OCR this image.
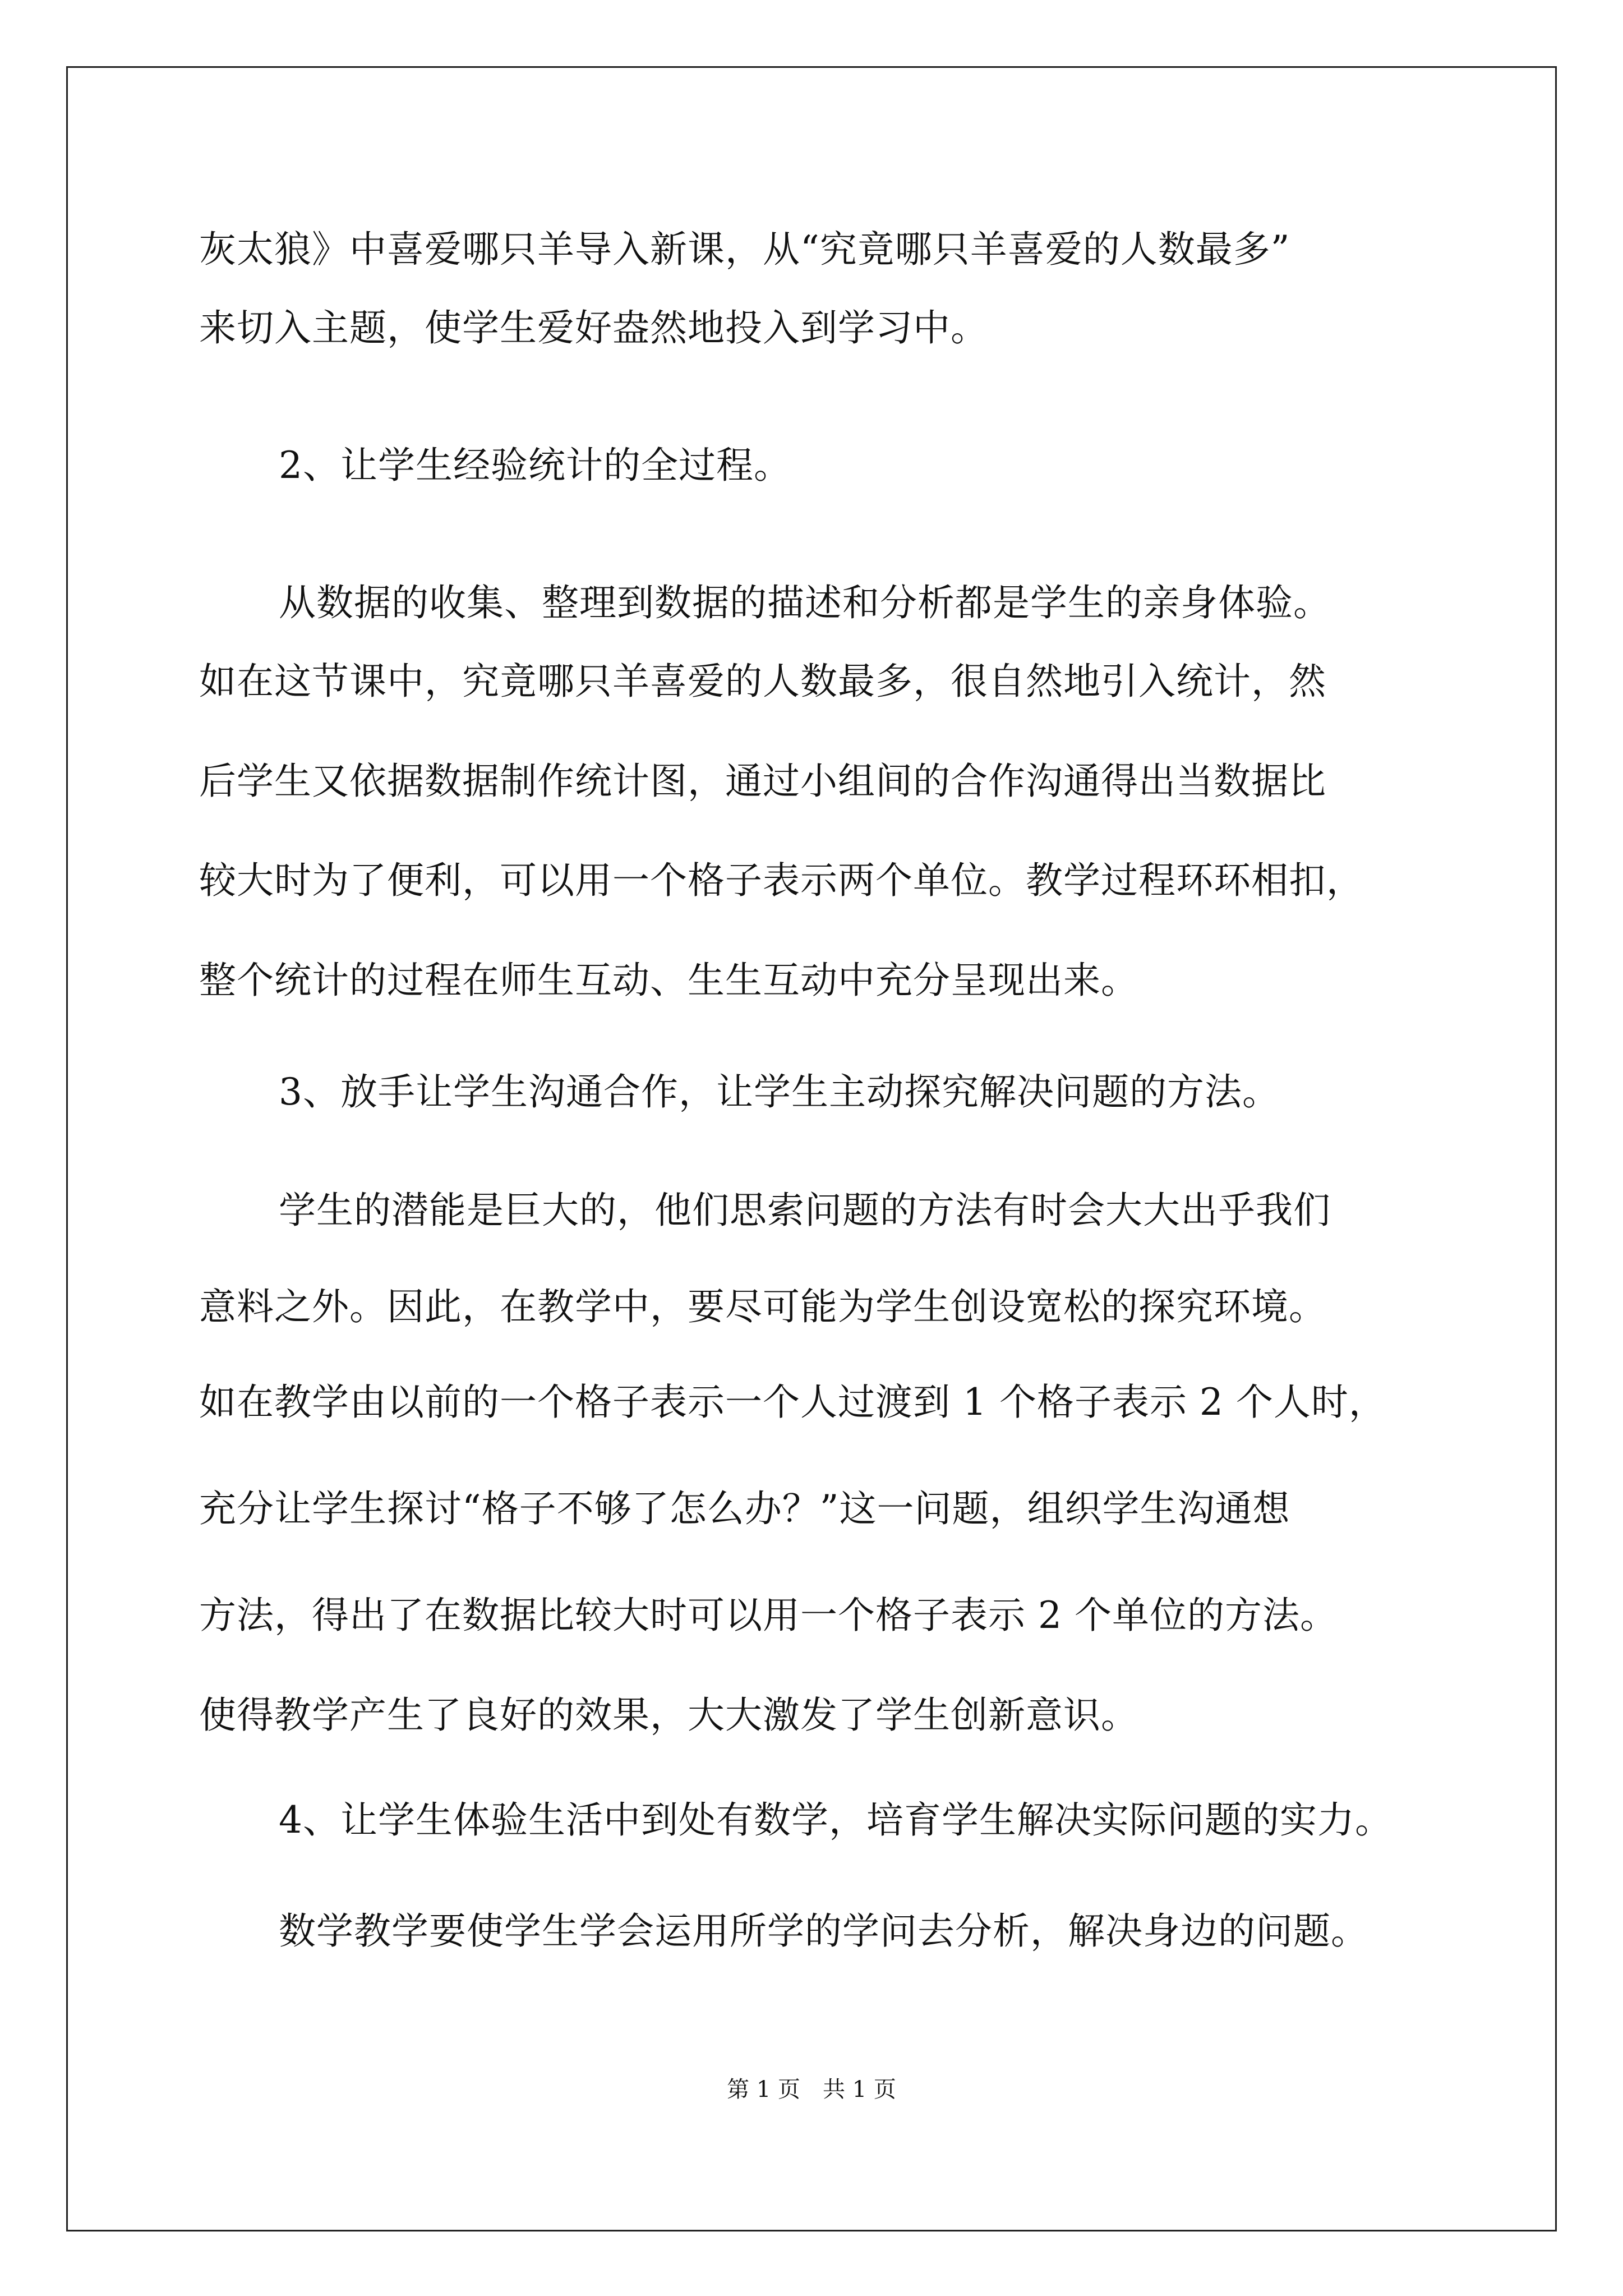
灰太狼》中喜爱哪只羊导入新课，从“究竟哪只羊喜爱的人数最多”
来切入主题，使学生爱好盎然地投入到学习中。
2、让学生经验统计的全过程。
从数据的收集、整理到数据的描述和分析都是学生的亲身体验。
如在这节课中，究竟哪只羊喜爱的人数最多，很自然地引入统计，然
后学生又依据数据制作统计图，通过小组间的合作沟通得出当数据比
较大时为了便利，可以用一个格子表示两个单位。教学过程环环相扣，
整个统计的过程在师生互动、生生互动中充分呈现出来。
3、放手让学生沟通合作，让学生主动探究解决问题的方法。
学生的潜能是巨大的，他们思索问题的方法有时会大大出乎我们
意料之外。因此，在教学中，要尽可能为学生创设宽松的探究环境。
如在教学由以前的一个格子表示一个人过渡到 1 个格子表示 2 个人时，
充分让学生探讨“格子不够了怎么办？”这一问题，组织学生沟通想
方法，得出了在数据比较大时可以用一个格子表示 2 个单位的方法。
使得教学产生了良好的效果，大大激发了学生创新意识。
4、让学生体验生活中到处有数学，培育学生解决实际问题的实力。
数学教学要使学生学会运用所学的学问去分析，解决身边的问题。
第 1 页 共 1 页
